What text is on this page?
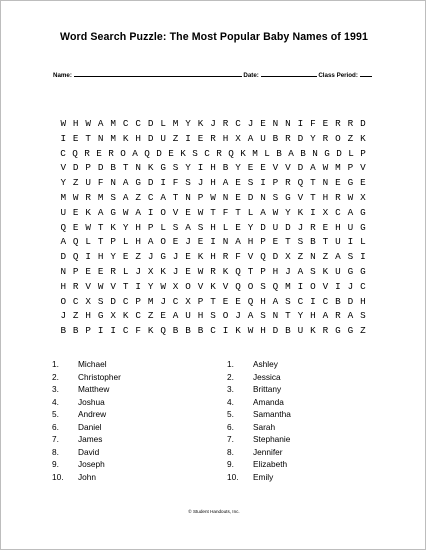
Word Search Puzzle: The Most Popular Baby Names of 1991
Name:	Date:	Class Period:
W H W A M C C D L M Y K J R C J E N N I F E R R D
I E T N M K H D U Z I E R H X A U B R D Y R O Z K
C Q R E R O A Q D E K S C R Q K M L B A B N G D L P
V D P D B T N K G S Y I H B Y E E V V D A W M P V
Y Z U F N A G D I F S J H A E S I P R Q T N E G E
M W R M S A Z C A T N P W N E D N S G V T H R W X
U E K A G W A I O V E W T F T L A W Y K I X C A G
Q E W T K Y H P L S A S H L E Y D U D J R E H U G
A Q L T P L H A O E J E I N A H P E T S B T U I L
D Q I H Y E Z J G J E K H R F V Q D X Z N Z A S I
N P E E R L J X K J E W R K Q T P H J A S K U G G
H R V W V T I Y W X O V K V Q O S Q M I O V I J C
O C X S D C P M J C X P T E E Q H A S C I C B D H
J Z H G X K C Z E A U H S O J A S N T Y H A R A S
B B P I I C F K Q B B B C I K W H D B U K R G G Z
1. Michael
2. Christopher
3. Matthew
4. Joshua
5. Andrew
6. Daniel
7. James
8. David
9. Joseph
10. John
1. Ashley
2. Jessica
3. Brittany
4. Amanda
5. Samantha
6. Sarah
7. Stephanie
8. Jennifer
9. Elizabeth
10. Emily
© Student Handouts, Inc.
